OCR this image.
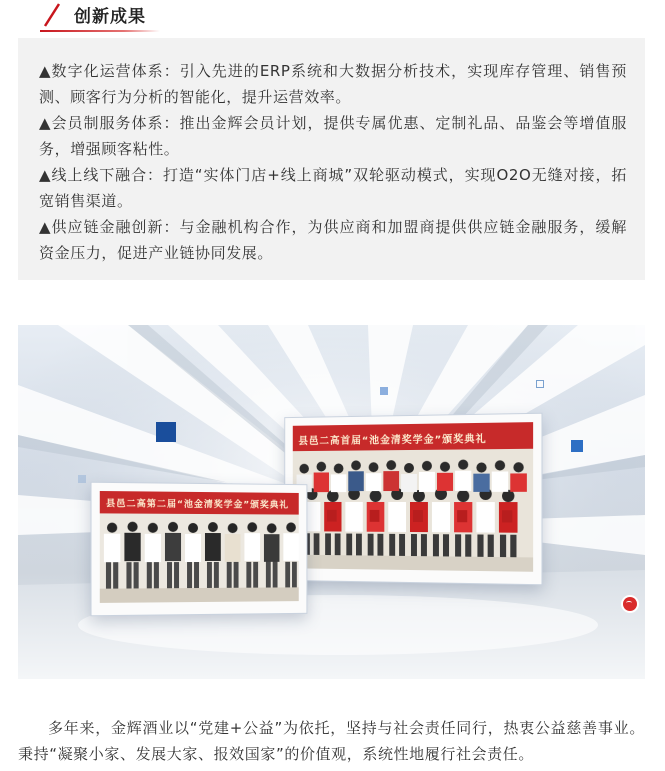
创新成果

▲数字化运营体系：引入先进的ERP系统和大数据分析技术，实现库存管理、销售预测、顾客行为分析的智能化，提升运营效率。

▲会员制服务体系：推出金辉会员计划，提供专属优惠、定制礼品、品鉴会等增值服务，增强顾客粘性。

▲线上线下融合：打造“实体门店+线上商城”双轮驱动模式，实现O2O无缝对接，拓宽销售渠道。

▲供应链金融创新：与金融机构合作，为供应商和加盟商提供供应链金融服务，缓解资金压力，促进产业链协同发展。

县邑二高首届“池金清奖学金”颁奖典礼
县邑二高第二届“池金清奖学金”颁奖典礼

多年来，金辉酒业以“党建+公益”为依托，坚持与社会责任同行，热衷公益慈善事业。秉持“凝聚小家、发展大家、报效国家”的价值观，系统性地履行社会责任。
